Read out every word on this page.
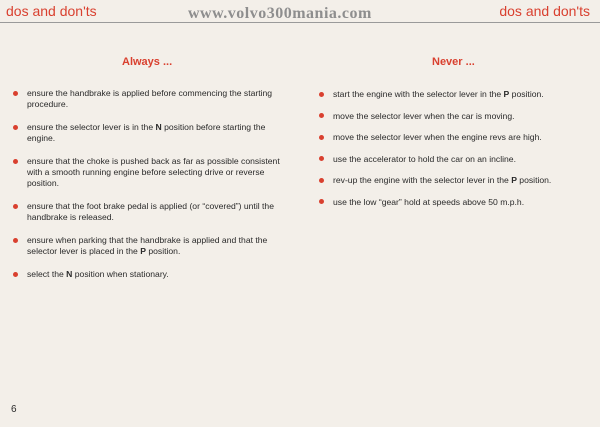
dos and don'ts	www.volvo300mania.com	dos and don'ts
Always ...
ensure the handbrake is applied before commencing the starting procedure.
ensure the selector lever is in the N position before starting the engine.
ensure that the choke is pushed back as far as possible consistent with a smooth running engine before selecting drive or reverse position.
ensure that the foot brake pedal is applied (or “covered”) until the handbrake is released.
ensure when parking that the handbrake is applied and that the selector lever is placed in the P position.
select the N position when stationary.
Never ...
start the engine with the selector lever in the P position.
move the selector lever when the car is moving.
move the selector lever when the engine revs are high.
use the accelerator to hold the car on an incline.
rev-up the engine with the selector lever in the P position.
use the low “gear” hold at speeds above 50 m.p.h.
6
